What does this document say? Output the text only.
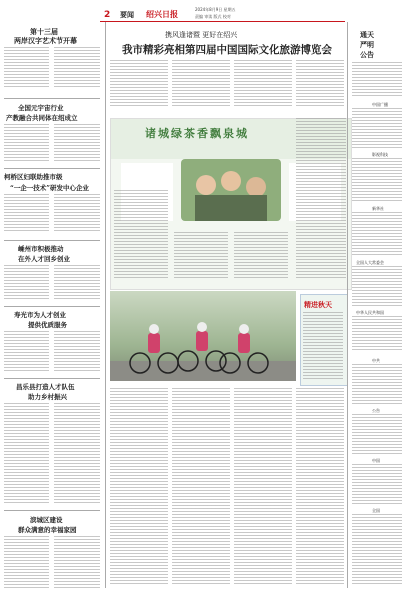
2 要闻 绍兴日报	2024年8月9日 星期五
责编 审读 版式 校对
第十三届
两岸汉字艺术节开幕
全国元宇宙行业
产教融合共同体在绍成立
柯桥区妇联助推市级
“一企一技术”研发中心企业
嵊州市积极推动
在外人才回乡创业
寿光市为人才创业
提供优质服务
昌乐县打造人才队伍
助力乡村振兴
滨城区建设
群众满意的幸福家园
携风逢诸暨 更好在绍兴
我市精彩亮相第四届中国国际文化旅游博览会
诸城绿茶香飘泉城
精进秋天
通天
严明
公告
中国广播
影视科技
新华社
全国人大常委会
中华人民共和国
中共
公告
中国
全国
